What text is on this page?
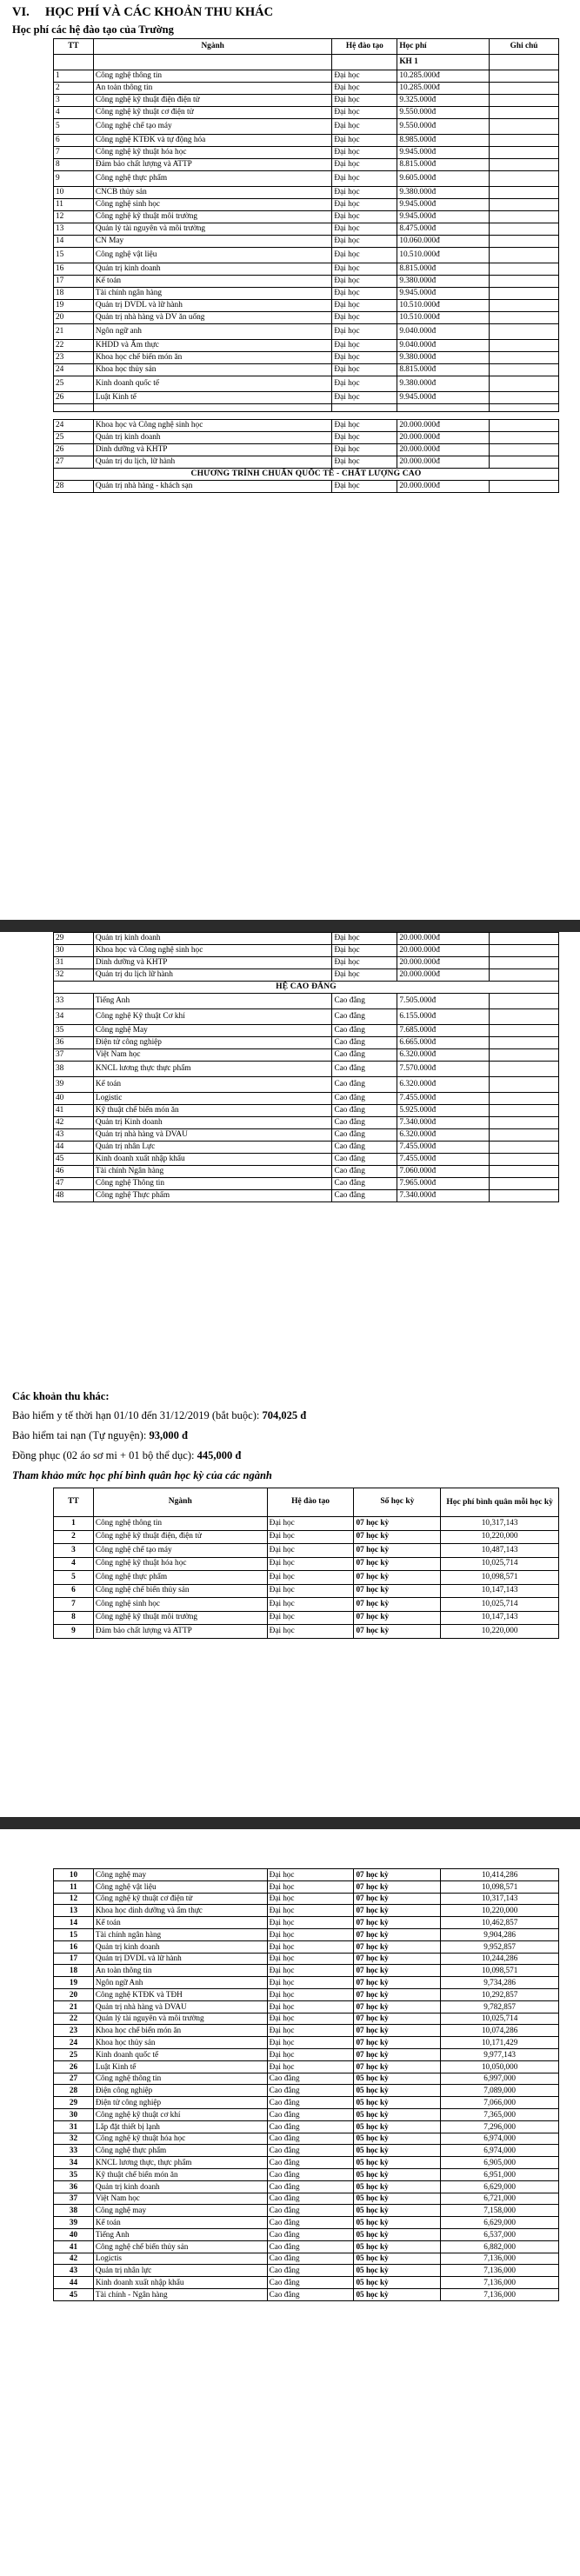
VI. HỌC PHÍ VÀ CÁC KHOẢN THU KHÁC
Học phí các hệ đào tạo của Trường
TT	Ngành	Hệ đào tạo	Học phí	Ghi chú
			KH 1	
1	Công nghệ thông tin	Đại học	10.285.000đ	
2	An toàn thông tin	Đại học	10.285.000đ	
3	Công nghệ kỹ thuật điện điện tử	Đại học	9.325.000đ	
4	Công nghệ kỹ thuật cơ điện tử	Đại học	9.550.000đ	
5	Công nghệ chế tạo máy	Đại học	9.550.000đ	
6	Công nghệ KTĐK và tự động hóa	Đại học	8.985.000đ	
7	Công nghệ kỹ thuật hóa học	Đại học	9.945.000đ	
8	Đảm bảo chất lượng và ATTP	Đại học	8.815.000đ	
9	Công nghệ thực phẩm	Đại học	9.605.000đ	
10	CNCB thủy sản	Đại học	9.380.000đ	
11	Công nghệ sinh học	Đại học	9.945.000đ	
12	Công nghệ kỹ thuật môi trường	Đại học	9.945.000đ	
13	Quản lý tài nguyên và môi trường	Đại học	8.475.000đ	
14	CN May	Đại học	10.060.000đ	
15	Công nghệ vật liệu	Đại học	10.510.000đ	
16	Quản trị kinh doanh	Đại học	8.815.000đ	
17	Kế toán	Đại học	9.380.000đ	
18	Tài chính ngân hàng	Đại học	9.945.000đ	
19	Quản trị DVDL và lữ hành	Đại học	10.510.000đ	
20	Quản trị nhà hàng và DV ăn uống	Đại học	10.510.000đ	
21	Ngôn ngữ anh	Đại học	9.040.000đ	
22	KHDD và Ẩm thực	Đại học	9.040.000đ	
23	Khoa học chế biến món ăn	Đại học	9.380.000đ	
24	Khoa học thủy sản	Đại học	8.815.000đ	
25	Kinh doanh quốc tế	Đại học	9.380.000đ	
26	Luật Kinh tế	Đại học	9.945.000đ	

24	Khoa học và Công nghệ sinh học	Đại học	20.000.000đ	
25	Quản trị kinh doanh	Đại học	20.000.000đ	
26	Dinh dưỡng và KHTP	Đại học	20.000.000đ	
27	Quản trị du lịch, lữ hành	Đại học	20.000.000đ	
CHƯƠNG TRÌNH CHUẨN QUỐC TẾ - CHẤT LƯỢNG CAO				
28	Quản trị nhà hàng - khách sạn	Đại học	20.000.000đ	
29	Quản trị kinh doanh	Đại học	20.000.000đ	
30	Khoa học và Công nghệ sinh học	Đại học	20.000.000đ	
31	Dinh dưỡng và KHTP	Đại học	20.000.000đ	
32	Quản trị du lịch lữ hành	Đại học	20.000.000đ	
HỆ CAO ĐẲNG				
33	Tiếng Anh	Cao đẳng	7.505.000đ	
34	Công nghệ Kỹ thuật Cơ khí	Cao đẳng	6.155.000đ	
35	Công nghệ May	Cao đẳng	7.685.000đ	
36	Điện tử công nghiệp	Cao đẳng	6.665.000đ	
37	Việt Nam học	Cao đẳng	6.320.000đ	
38	KNCL lương thực thực phẩm	Cao đẳng	7.570.000đ	
39	Kế toán	Cao đẳng	6.320.000đ	
40	Logistic	Cao đẳng	7.455.000đ	
41	Kỹ thuật chế biến món ăn	Cao đẳng	5.925.000đ	
42	Quản trị Kinh doanh	Cao đẳng	7.340.000đ	
43	Quản trị nhà hàng và DVAU	Cao đẳng	6.320.000đ	
44	Quản trị nhân Lực	Cao đẳng	7.455.000đ	
45	Kinh doanh xuất nhập khẩu	Cao đẳng	7.455.000đ	
46	Tài chính Ngân hàng	Cao đẳng	7.060.000đ	
47	Công nghệ Thông tin	Cao đẳng	7.965.000đ	
48	Công nghệ Thực phẩm	Cao đẳng	7.340.000đ	
Các khoản thu khác:
Bảo hiểm y tế thời hạn 01/10 đến 31/12/2019 (bắt buộc): 704,025 đ
Bảo hiểm tai nạn (Tự nguyện): 93,000 đ
Đồng phục (02 áo sơ mi + 01 bộ thể dục): 445,000 đ
Tham khảo mức học phí bình quân học kỳ của các ngành
TT	Ngành	Hệ đào tạo	Số học kỳ	Học phí bình quân mỗi học kỳ
1	Công nghệ thông tin	Đại học	07 học kỳ	10,317,143
2	Công nghệ kỹ thuật điện, điện tử	Đại học	07 học kỳ	10,220,000
3	Công nghệ chế tạo máy	Đại học	07 học kỳ	10,487,143
4	Công nghệ kỹ thuật hóa học	Đại học	07 học kỳ	10,025,714
5	Công nghệ thực phẩm	Đại học	07 học kỳ	10,098,571
6	Công nghệ chế biến thủy sản	Đại học	07 học kỳ	10,147,143
7	Công nghệ sinh học	Đại học	07 học kỳ	10,025,714
8	Công nghệ kỹ thuật môi trường	Đại học	07 học kỳ	10,147,143
9	Đảm bảo chất lượng và ATTP	Đại học	07 học kỳ	10,220,000
10	Công nghệ may	Đại học	07 học kỳ	10,414,286
11	Công nghệ vật liệu	Đại học	07 học kỳ	10,098,571
12	Công nghệ kỹ thuật cơ điện tử	Đại học	07 học kỳ	10,317,143
13	Khoa học dinh dưỡng và ẩm thực	Đại học	07 học kỳ	10,220,000
14	Kế toán	Đại học	07 học kỳ	10,462,857
15	Tài chính ngân hàng	Đại học	07 học kỳ	9,904,286
16	Quản trị kinh doanh	Đại học	07 học kỳ	9,952,857
17	Quản trị DVDL và lữ hành	Đại học	07 học kỳ	10,244,286
18	An toàn thông tin	Đại học	07 học kỳ	10,098,571
19	Ngôn ngữ Anh	Đại học	07 học kỳ	9,734,286
20	Công nghệ KTĐK và TĐH	Đại học	07 học kỳ	10,292,857
21	Quản trị nhà hàng và DVAU	Đại học	07 học kỳ	9,782,857
22	Quản lý tài nguyên và môi trường	Đại học	07 học kỳ	10,025,714
23	Khoa học chế biến món ăn	Đại học	07 học kỳ	10,074,286
24	Khoa học thủy sản	Đại học	07 học kỳ	10,171,429
25	Kinh doanh quốc tế	Đại học	07 học kỳ	9,977,143
26	Luật Kinh tế	Đại học	07 học kỳ	10,050,000
27	Công nghệ thông tin	Cao đẳng	05 học kỳ	6,997,000
28	Điện công nghiệp	Cao đẳng	05 học kỳ	7,089,000
29	Điện tử công nghiệp	Cao đẳng	05 học kỳ	7,066,000
30	Công nghệ kỹ thuật cơ khí	Cao đẳng	05 học kỳ	7,365,000
31	Lắp đặt thiết bị lạnh	Cao đẳng	05 học kỳ	7,296,000
32	Công nghệ kỹ thuật hóa học	Cao đẳng	05 học kỳ	6,974,000
33	Công nghệ thực phẩm	Cao đẳng	05 học kỳ	6,974,000
34	KNCL lương thực, thực phẩm	Cao đẳng	05 học kỳ	6,905,000
35	Kỹ thuật chế biến món ăn	Cao đẳng	05 học kỳ	6,951,000
36	Quản trị kinh doanh	Cao đẳng	05 học kỳ	6,629,000
37	Việt Nam học	Cao đẳng	05 học kỳ	6,721,000
38	Công nghệ may	Cao đẳng	05 học kỳ	7,158,000
39	Kế toán	Cao đẳng	05 học kỳ	6,629,000
40	Tiếng Anh	Cao đẳng	05 học kỳ	6,537,000
41	Công nghệ chế biến thủy sản	Cao đẳng	05 học kỳ	6,882,000
42	Logictis	Cao đẳng	05 học kỳ	7,136,000
43	Quản trị nhân lực	Cao đẳng	05 học kỳ	7,136,000
44	Kinh doanh xuất nhập khẩu	Cao đẳng	05 học kỳ	7,136,000
45	Tài chính - Ngân hàng	Cao đẳng	05 học kỳ	7,136,000
